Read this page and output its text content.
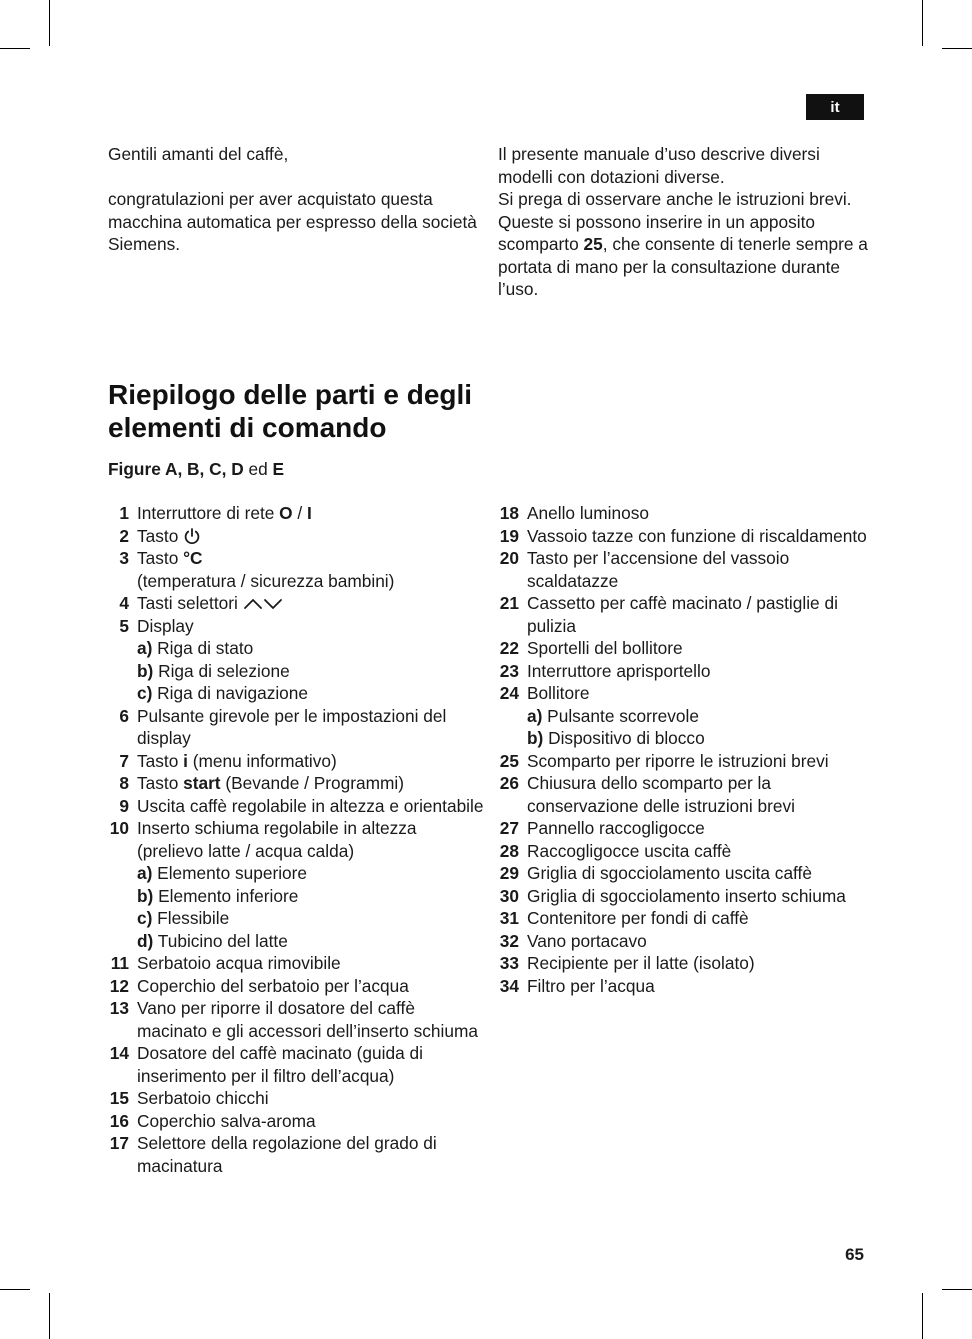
it

Gentili amanti del caffè,

congratulazioni per aver acquistato questa macchina automatica per espresso della società Siemens.

Il presente manuale d’uso descrive diversi modelli con dotazioni diverse.

Si prega di osservare anche le istruzioni brevi. Queste si possono inserire in un apposito scomparto 25, che consente di tenerle sempre a portata di mano per la consultazione durante l’uso.

Riepilogo delle parti e degli elementi di comando
Figure A, B, C, D ed E
1 Interruttore di rete O / I
2 Tasto
3 Tasto °C
(temperatura / sicurezza bambini)
4 Tasti selettori
5 Display
a) Riga di stato
b) Riga di selezione
c) Riga di navigazione
6 Pulsante girevole per le impostazioni del display
7 Tasto i (menu informativo)
8 Tasto start (Bevande / Programmi)
9 Uscita caffè regolabile in altezza e orientabile
10 Inserto schiuma regolabile in altezza (prelievo latte / acqua calda)
a) Elemento superiore
b) Elemento inferiore
c) Flessibile
d) Tubicino del latte
11 Serbatoio acqua rimovibile
12 Coperchio del serbatoio per l’acqua
13 Vano per riporre il dosatore del caffè macinato e gli accessori dell’inserto schiuma
14 Dosatore del caffè macinato (guida di inserimento per il filtro dell’acqua)
15 Serbatoio chicchi
16 Coperchio salva-aroma
17 Selettore della regolazione del grado di macinatura
18 Anello luminoso
19 Vassoio tazze con funzione di riscaldamento
20 Tasto per l’accensione del vassoio scaldatazze
21 Cassetto per caffè macinato / pastiglie di pulizia
22 Sportelli del bollitore
23 Interruttore aprisportello
24 Bollitore
a) Pulsante scorrevole
b) Dispositivo di blocco
25 Scomparto per riporre le istruzioni brevi
26 Chiusura dello scomparto per la conservazione delle istruzioni brevi
27 Pannello raccogligocce
28 Raccogligocce uscita caffè
29 Griglia di sgocciolamento uscita caffè
30 Griglia di sgocciolamento inserto schiuma
31 Contenitore per fondi di caffè
32 Vano portacavo
33 Recipiente per il latte (isolato)
34 Filtro per l’acqua
65
